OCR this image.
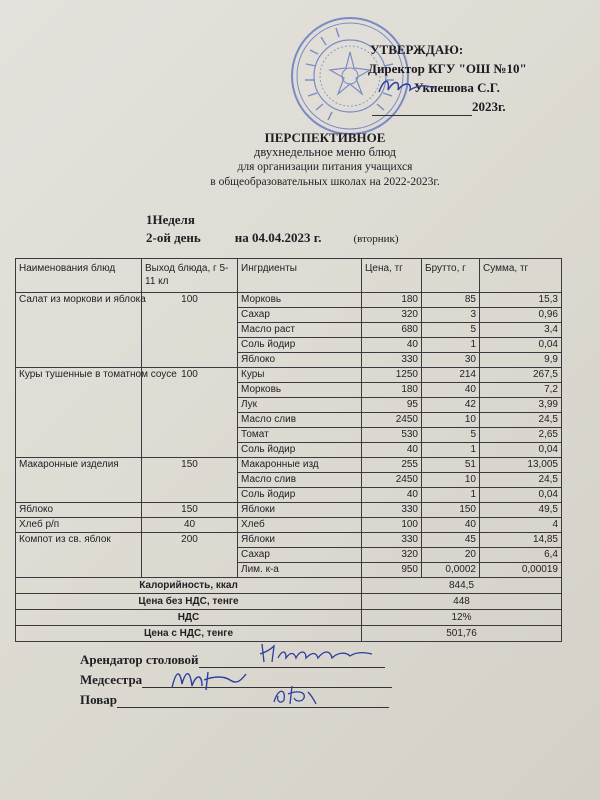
УТВЕРЖДАЮ:
Директор КГУ "ОШ №10"
Укпешова С.Г.
2023г.
ПЕРСПЕКТИВНОЕ
двухнедельное меню блюд
для организации питания учащихся
в общеобразовательных школах на 2022-2023г.
1Неделя
2-ой день	на 04.04.2023 г.	(вторник)
Наименования блюд	Выход блюда, г 5-11 кл	Ингрдиенты	Цена, тг	Брутто, г	Сумма, тг
Салат из моркови и яблока	100	Морковь	180	85	15,3
		Сахар	320	3	0,96
		Масло раст	680	5	3,4
		Соль йодир	40	1	0,04
		Яблоко	330	30	9,9
Куры тушенные в томатном соусе	100	Куры	1250	214	267,5
		Морковь	180	40	7,2
		Лук	95	42	3,99
		Масло слив	2450	10	24,5
		Томат	530	5	2,65
		Соль йодир	40	1	0,04
Макаронные изделия	150	Макаронные изд	255	51	13,005
		Масло слив	2450	10	24,5
		Соль йодир	40	1	0,04
Яблоко	150	Яблоки	330	150	49,5
Хлеб р/п	40	Хлеб	100	40	4
Компот из св. яблок	200	Яблоки	330	45	14,85
		Сахар	320	20	6,4
		Лим. к-а	950	0,0002	0,00019
Калорийность, ккал			844,5		
Цена без НДС, тенге			448		
НДС			12%		
Цена с НДС, тенге			501,76		
Арендатор столовой
Медсестра
Повар
